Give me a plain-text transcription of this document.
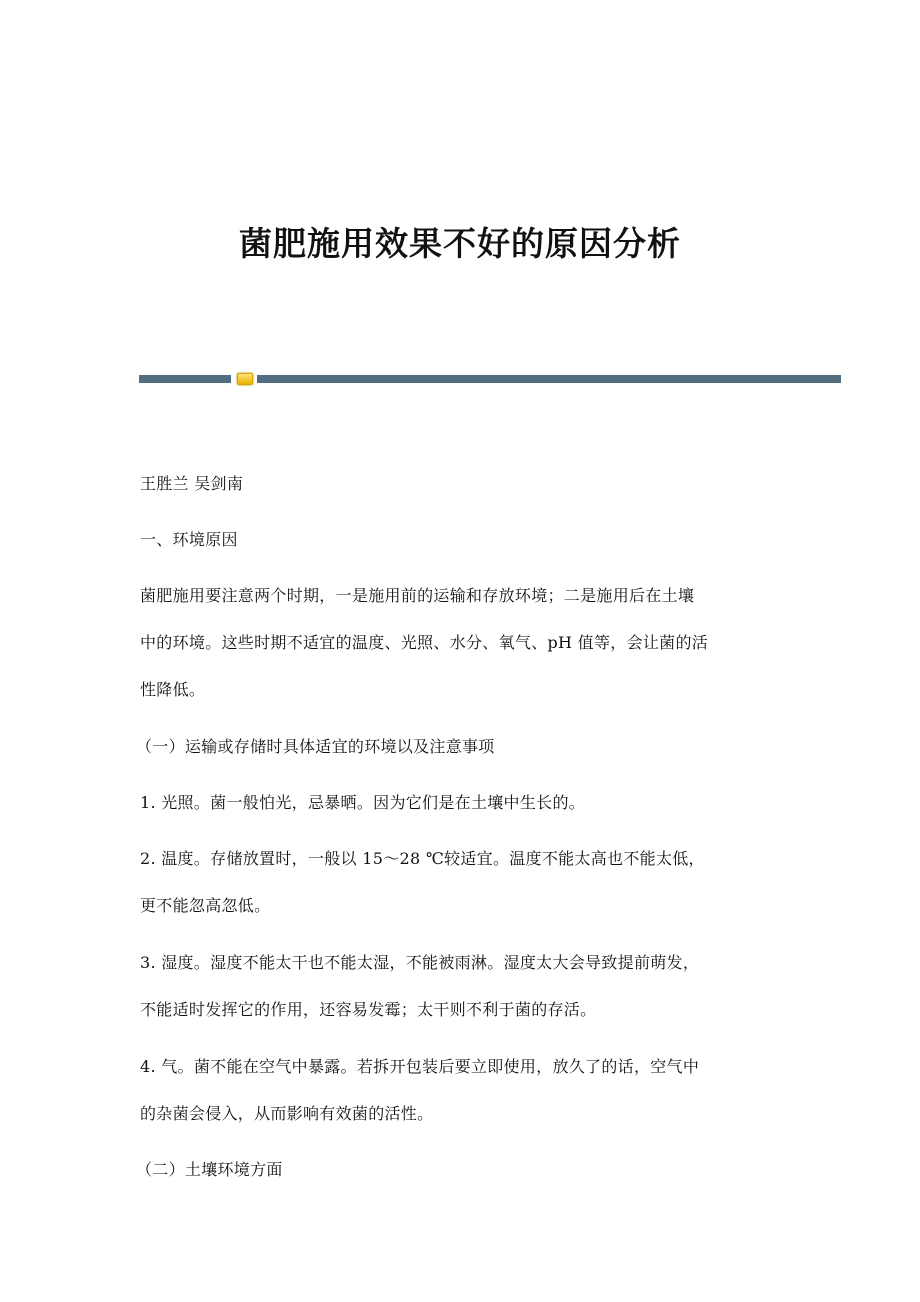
菌肥施用效果不好的原因分析
王胜兰 吴剑南
一、环境原因
菌肥施用要注意两个时期，一是施用前的运输和存放环境；二是施用后在土壤
中的环境。这些时期不适宜的温度、光照、水分、氧气、pH 值等，会让菌的活
性降低。
（一）运输或存储时具体适宜的环境以及注意事项
1. 光照。菌一般怕光，忌暴晒。因为它们是在土壤中生长的。
2. 温度。存储放置时，一般以 15～28 ℃较适宜。温度不能太高也不能太低，
更不能忽高忽低。
3. 湿度。湿度不能太干也不能太湿，不能被雨淋。湿度太大会导致提前萌发，
不能适时发挥它的作用，还容易发霉；太干则不利于菌的存活。
4. 气。菌不能在空气中暴露。若拆开包装后要立即使用，放久了的话，空气中
的杂菌会侵入，从而影响有效菌的活性。
（二）土壤环境方面
